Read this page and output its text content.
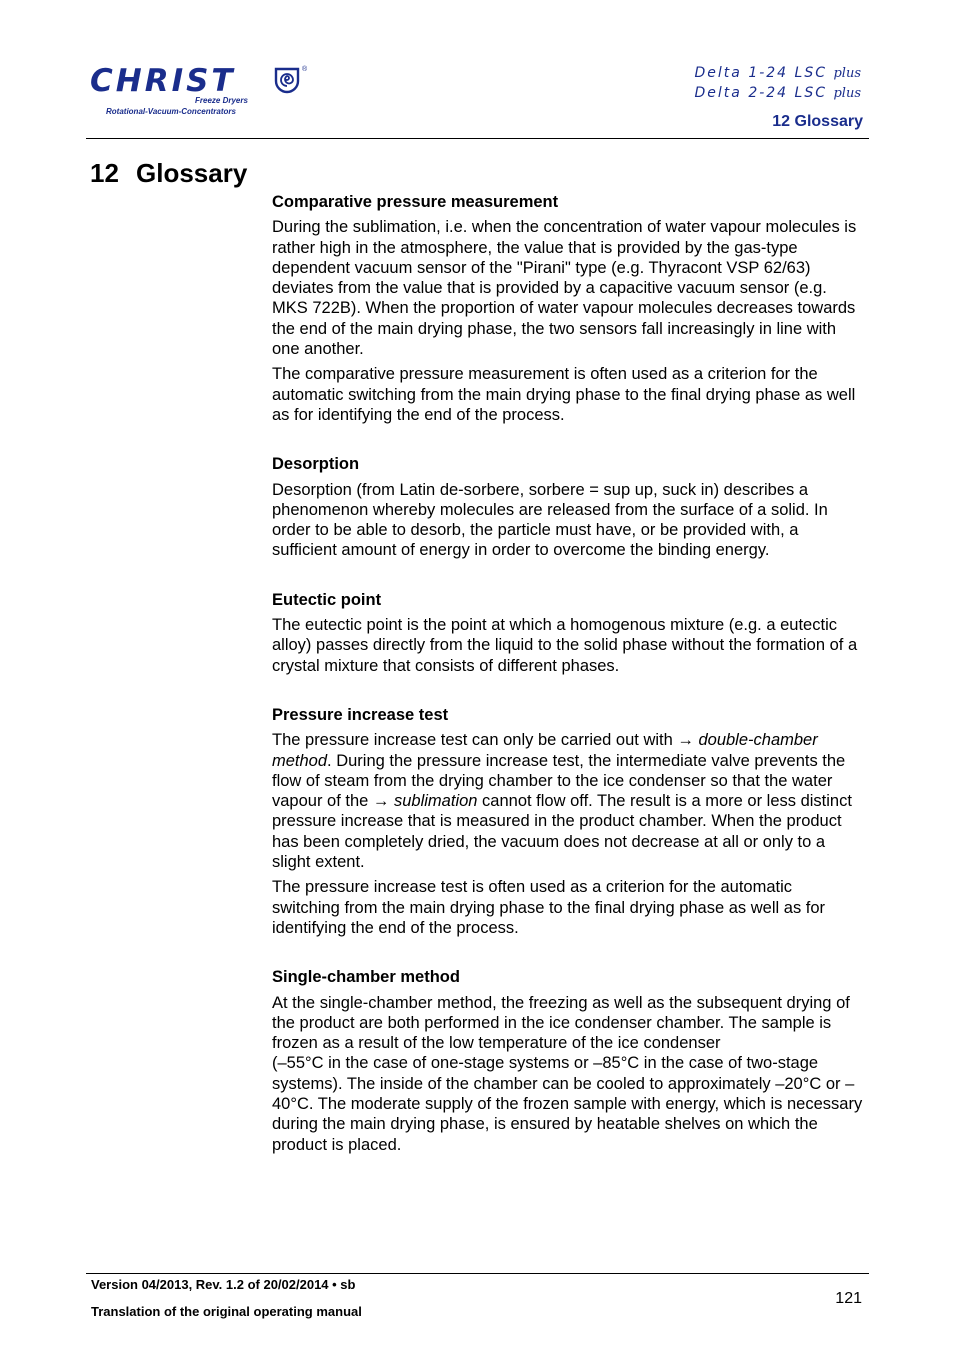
CHRIST	®
Freeze Dryers
Rotational-Vacuum-Concentrators
Delta 1-24 LSC plus
Delta 2-24 LSC plus
12 Glossary
12 Glossary
Comparative pressure measurement

During the sublimation, i.e. when the concentration of water vapour molecules is rather high in the atmosphere, the value that is provided by the gas-type dependent vacuum sensor of the "Pirani" type (e.g. Thyracont VSP 62/63) deviates from the value that is provided by a capacitive vacuum sensor (e.g. MKS 722B). When the proportion of water vapour molecules decreases towards the end of the main drying phase, the two sensors fall increasingly in line with one another.

The comparative pressure measurement is often used as a criterion for the automatic switching from the main drying phase to the final drying phase as well as for identifying the end of the process.

Desorption

Desorption (from Latin de-sorbere, sorbere = sup up, suck in) describes a phenomenon whereby molecules are released from the surface of a solid. In order to be able to desorb, the particle must have, or be provided with, a sufficient amount of energy in order to overcome the binding energy.

Eutectic point

The eutectic point is the point at which a homogenous mixture (e.g. a eutectic alloy) passes directly from the liquid to the solid phase without the formation of a crystal mixture that consists of different phases.

Pressure increase test

The pressure increase test can only be carried out with → double-chamber method. During the pressure increase test, the intermediate valve prevents the flow of steam from the drying chamber to the ice condenser so that the water vapour of the → sublimation cannot flow off. The result is a more or less distinct pressure increase that is measured in the product chamber. When the product has been completely dried, the vacuum does not decrease at all or only to a slight extent.

The pressure increase test is often used as a criterion for the automatic switching from the main drying phase to the final drying phase as well as for identifying the end of the process.

Single-chamber method

At the single-chamber method, the freezing as well as the subsequent drying of the product are both performed in the ice condenser chamber. The sample is frozen as a result of the low temperature of the ice condenser
(–55°C in the case of one-stage systems or –85°C in the case of two-stage systems). The inside of the chamber can be cooled to approximately –20°C or –40°C. The moderate supply of the frozen sample with energy, which is necessary during the main drying phase, is ensured by heatable shelves on which the product is placed.

Version 04/2013, Rev. 1.2 of 20/02/2014 • sb
Translation of the original operating manual
121
